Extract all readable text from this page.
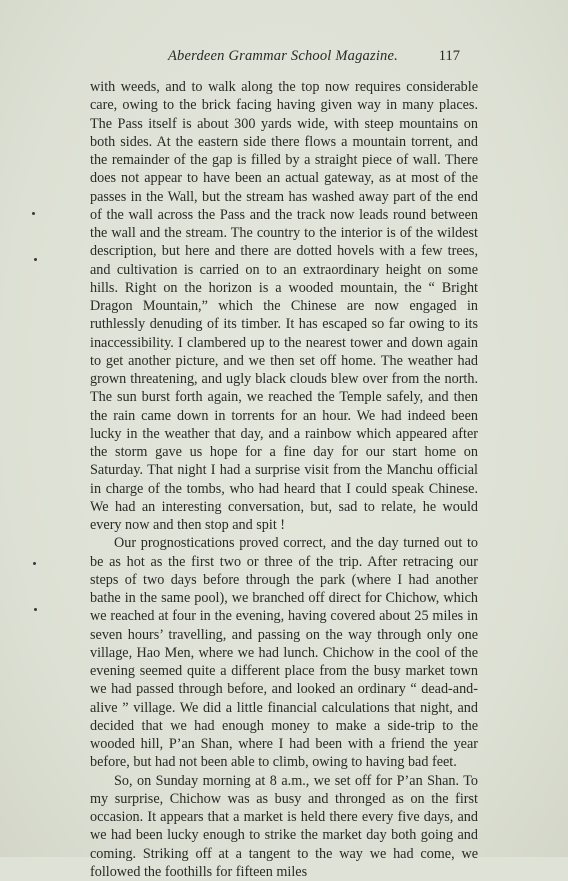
Aberdeen Grammar School Magazine.	117

with weeds, and to walk along the top now requires considerable care, owing to the brick facing having given way in many places. The Pass itself is about 300 yards wide, with steep mountains on both sides. At the eastern side there flows a mountain torrent, and the remainder of the gap is filled by a straight piece of wall. There does not appear to have been an actual gateway, as at most of the passes in the Wall, but the stream has washed away part of the end of the wall across the Pass and the track now leads round between the wall and the stream. The country to the interior is of the wildest description, but here and there are dotted hovels with a few trees, and cultivation is carried on to an extraordinary height on some hills. Right on the horizon is a wooded mountain, the “ Bright Dragon Mountain,” which the Chinese are now engaged in ruthlessly denuding of its timber. It has escaped so far owing to its inaccessibility. I clambered up to the nearest tower and down again to get another picture, and we then set off home. The weather had grown threatening, and ugly black clouds blew over from the north. The sun burst forth again, we reached the Temple safely, and then the rain came down in torrents for an hour. We had indeed been lucky in the weather that day, and a rainbow which appeared after the storm gave us hope for a fine day for our start home on Saturday. That night I had a surprise visit from the Manchu official in charge of the tombs, who had heard that I could speak Chinese. We had an interesting conversation, but, sad to relate, he would every now and then stop and spit !

Our prognostications proved correct, and the day turned out to be as hot as the first two or three of the trip. After retracing our steps of two days before through the park (where I had another bathe in the same pool), we branched off direct for Chichow, which we reached at four in the evening, having covered about 25 miles in seven hours’ travelling, and passing on the way through only one village, Hao Men, where we had lunch. Chichow in the cool of the evening seemed quite a different place from the busy market town we had passed through before, and looked an ordinary “ dead-and-alive ” village. We did a little financial calculations that night, and decided that we had enough money to make a side-trip to the wooded hill, P’an Shan, where I had been with a friend the year before, but had not been able to climb, owing to having bad feet.

So, on Sunday morning at 8 a.m., we set off for P’an Shan. To my surprise, Chichow was as busy and thronged as on the first occasion. It appears that a market is held there every five days, and we had been lucky enough to strike the market day both going and coming. Striking off at a tangent to the way we had come, we followed the foothills for fifteen miles
